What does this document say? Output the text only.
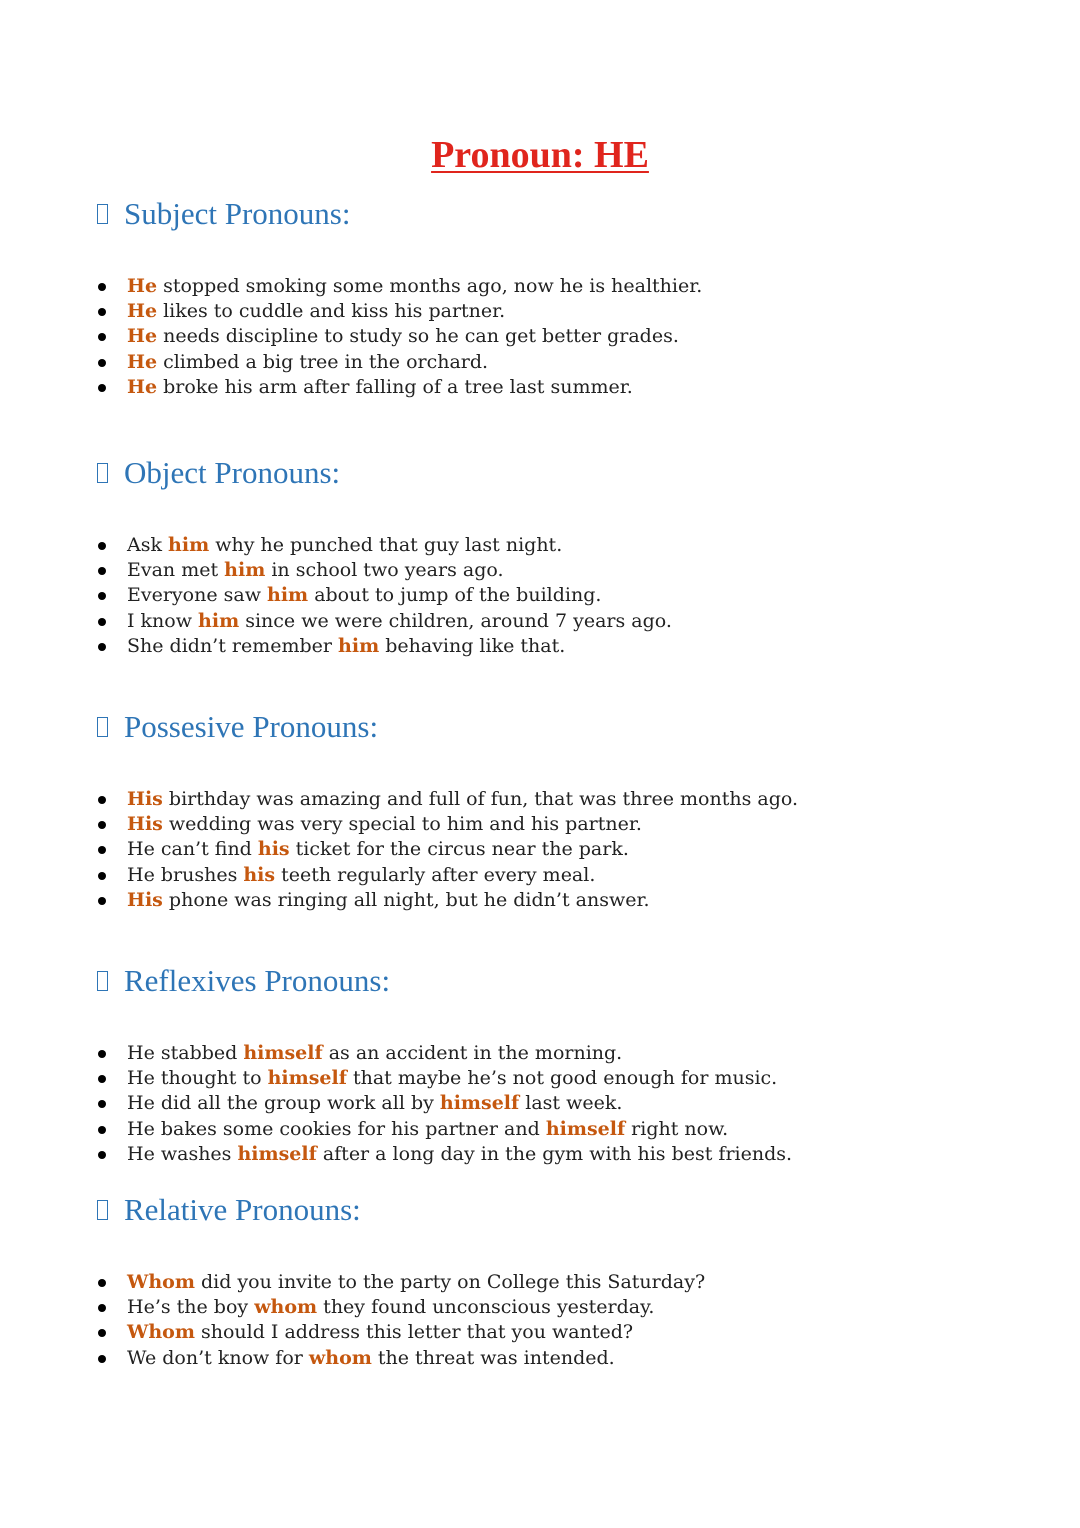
Pronoun: HE
Subject Pronouns:
He stopped smoking some months ago, now he is healthier.
He likes to cuddle and kiss his partner.
He needs discipline to study so he can get better grades.
He climbed a big tree in the orchard.
He broke his arm after falling of a tree last summer.
Object Pronouns:
Ask him why he punched that guy last night.
Evan met him in school two years ago.
Everyone saw him about to jump of the building.
I know him since we were children, around 7 years ago.
She didn’t remember him behaving like that.
Possesive Pronouns:
His birthday was amazing and full of fun, that was three months ago.
His wedding was very special to him and his partner.
He can’t find his ticket for the circus near the park.
He brushes his teeth regularly after every meal.
His phone was ringing all night, but he didn’t answer.
Reflexives Pronouns:
He stabbed himself as an accident in the morning.
He thought to himself that maybe he’s not good enough for music.
He did all the group work all by himself last week.
He bakes some cookies for his partner and himself right now.
He washes himself after a long day in the gym with his best friends.
Relative Pronouns:
Whom did you invite to the party on College this Saturday?
He’s the boy whom they found unconscious yesterday.
Whom should I address this letter that you wanted?
We don’t know for whom the threat was intended.
